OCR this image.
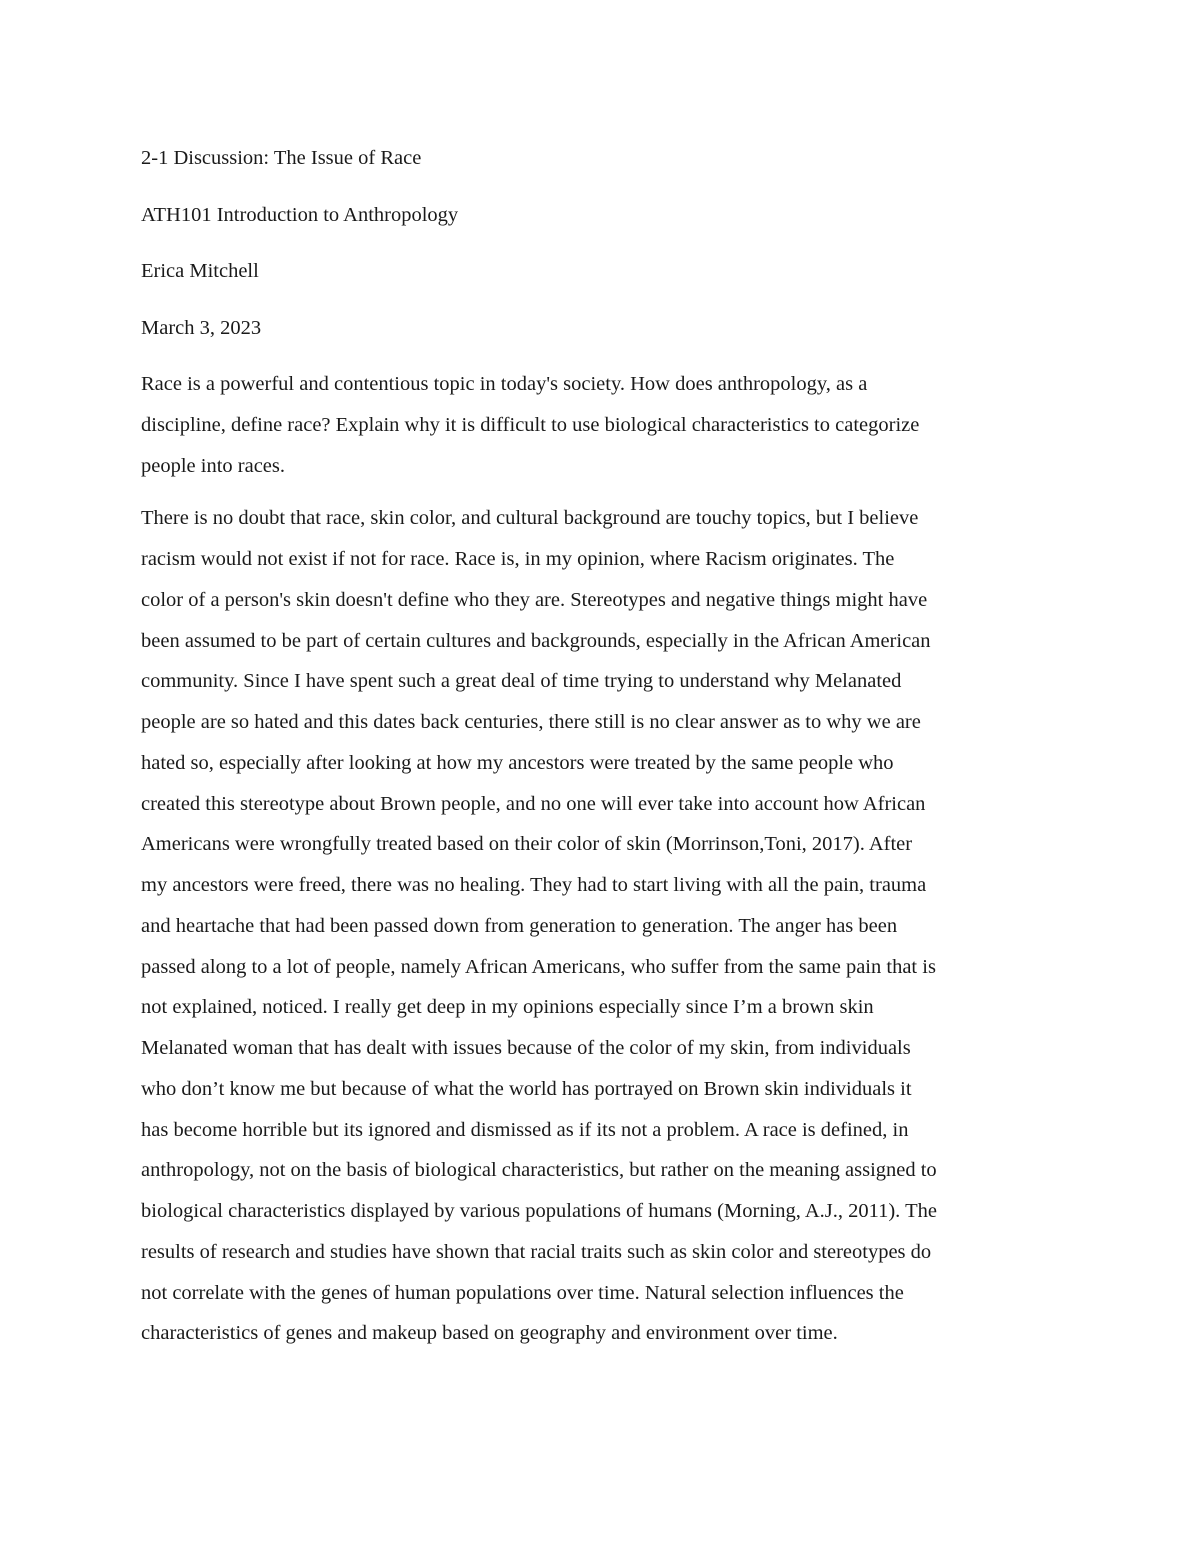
2-1 Discussion: The Issue of Race

ATH101 Introduction to Anthropology

Erica Mitchell

March 3, 2023

Race is a powerful and contentious topic in today's society. How does anthropology, as a
discipline, define race? Explain why it is difficult to use biological characteristics to categorize
people into races.

There is no doubt that race, skin color, and cultural background are touchy topics, but I believe
racism would not exist if not for race. Race is, in my opinion, where Racism originates. The
color of a person's skin doesn't define who they are. Stereotypes and negative things might have
been assumed to be part of certain cultures and backgrounds, especially in the African American
community. Since I have spent such a great deal of time trying to understand why Melanated
people are so hated and this dates back centuries, there still is no clear answer as to why we are
hated so, especially after looking at how my ancestors were treated by the same people who
created this stereotype about Brown people, and no one will ever take into account how African
Americans were wrongfully treated based on their color of skin (Morrinson,Toni, 2017). After
my ancestors were freed, there was no healing. They had to start living with all the pain, trauma
and heartache that had been passed down from generation to generation. The anger has been
passed along to a lot of people, namely African Americans, who suffer from the same pain that is
not explained, noticed. I really get deep in my opinions especially since I’m a brown skin
Melanated woman that has dealt with issues because of the color of my skin, from individuals
who don’t know me but because of what the world has portrayed on Brown skin individuals it
has become horrible but its ignored and dismissed as if its not a problem. A race is defined, in
anthropology, not on the basis of biological characteristics, but rather on the meaning assigned to
biological characteristics displayed by various populations of humans (Morning, A.J., 2011). The
results of research and studies have shown that racial traits such as skin color and stereotypes do
not correlate with the genes of human populations over time. Natural selection influences the
characteristics of genes and makeup based on geography and environment over time.
